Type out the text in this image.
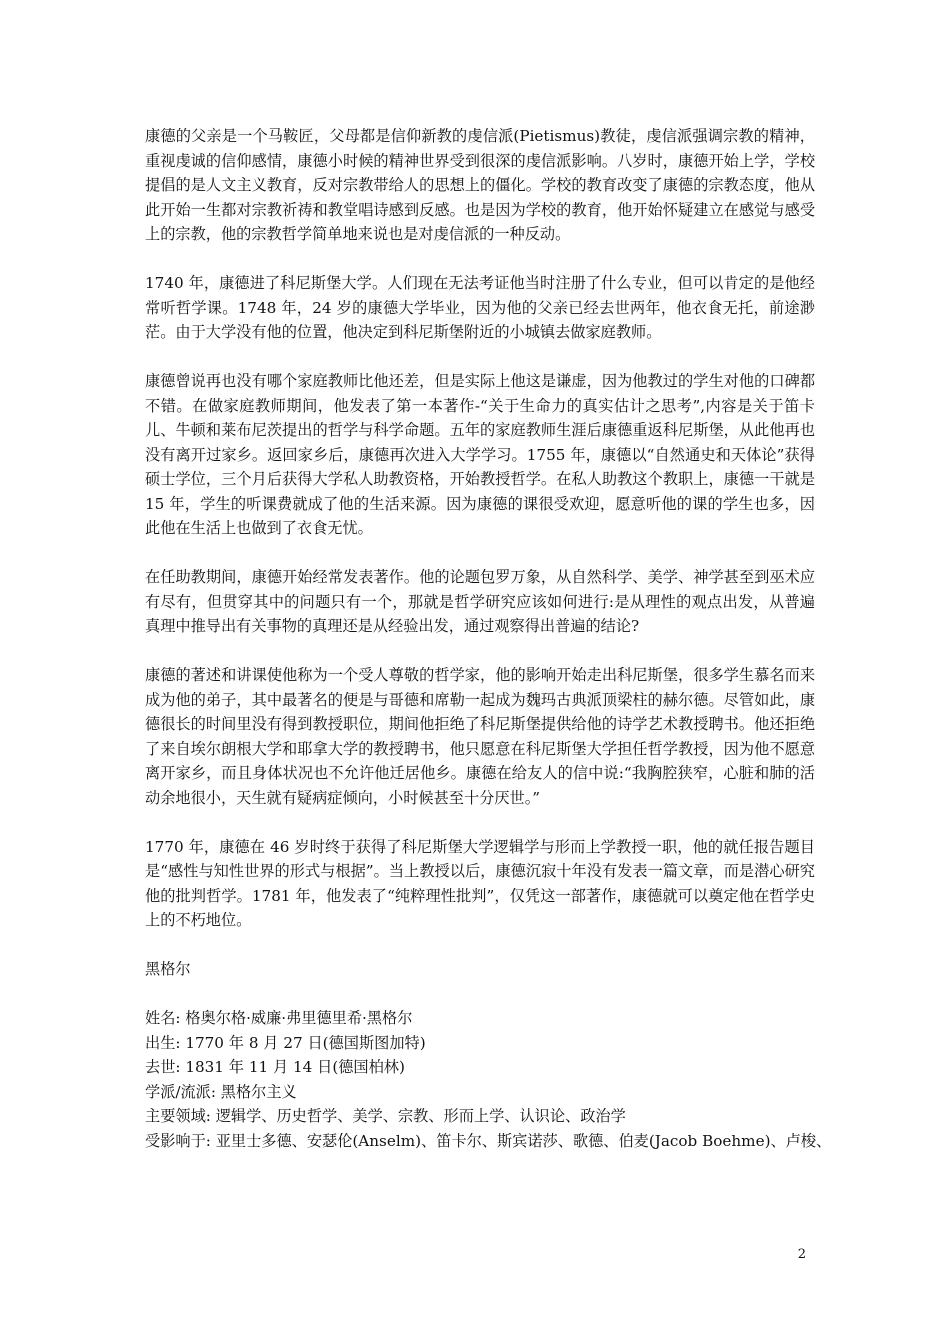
康德的父亲是一个马鞍匠，父母都是信仰新教的虔信派(Pietismus)教徒，虔信派强调宗教的精神，重视虔诚的信仰感情，康德小时候的精神世界受到很深的虔信派影响。八岁时，康德开始上学，学校提倡的是人文主义教育，反对宗教带给人的思想上的僵化。学校的教育改变了康德的宗教态度，他从此开始一生都对宗教祈祷和教堂唱诗感到反感。也是因为学校的教育，他开始怀疑建立在感觉与感受上的宗教，他的宗教哲学简单地来说也是对虔信派的一种反动。

1740 年，康德进了科尼斯堡大学。人们现在无法考证他当时注册了什么专业，但可以肯定的是他经常听哲学课。1748 年，24 岁的康德大学毕业，因为他的父亲已经去世两年，他衣食无托，前途渺茫。由于大学没有他的位置，他决定到科尼斯堡附近的小城镇去做家庭教师。

康德曾说再也没有哪个家庭教师比他还差，但是实际上他这是谦虚，因为他教过的学生对他的口碑都不错。在做家庭教师期间，他发表了第一本著作-“关于生命力的真实估计之思考”,内容是关于笛卡儿、牛顿和莱布尼茨提出的哲学与科学命题。五年的家庭教师生涯后康德重返科尼斯堡，从此他再也没有离开过家乡。返回家乡后，康德再次进入大学学习。1755 年，康德以“自然通史和天体论”获得硕士学位，三个月后获得大学私人助教资格，开始教授哲学。在私人助教这个教职上，康德一干就是 15 年，学生的听课费就成了他的生活来源。因为康德的课很受欢迎，愿意听他的课的学生也多，因此他在生活上也做到了衣食无忧。

在任助教期间，康德开始经常发表著作。他的论题包罗万象，从自然科学、美学、神学甚至到巫术应有尽有，但贯穿其中的问题只有一个，那就是哲学研究应该如何进行:是从理性的观点出发，从普遍真理中推导出有关事物的真理还是从经验出发，通过观察得出普遍的结论?

康德的著述和讲课使他称为一个受人尊敬的哲学家，他的影响开始走出科尼斯堡，很多学生慕名而来成为他的弟子，其中最著名的便是与哥德和席勒一起成为魏玛古典派顶梁柱的赫尔德。尽管如此，康德很长的时间里没有得到教授职位，期间他拒绝了科尼斯堡提供给他的诗学艺术教授聘书。他还拒绝了来自埃尔朗根大学和耶拿大学的教授聘书，他只愿意在科尼斯堡大学担任哲学教授，因为他不愿意离开家乡，而且身体状况也不允许他迁居他乡。康德在给友人的信中说:“我胸腔狭窄，心脏和肺的活动余地很小，天生就有疑病症倾向，小时候甚至十分厌世。”

1770 年，康德在 46 岁时终于获得了科尼斯堡大学逻辑学与形而上学教授一职，他的就任报告题目是“感性与知性世界的形式与根据”。当上教授以后，康德沉寂十年没有发表一篇文章，而是潜心研究他的批判哲学。1781 年，他发表了“纯粹理性批判”，仅凭这一部著作，康德就可以奠定他在哲学史上的不朽地位。

黑格尔

姓名: 格奥尔格·威廉·弗里德里希·黑格尔
出生: 1770 年 8 月 27 日(德国斯图加特)
去世: 1831 年 11 月 14 日(德国柏林)
学派/流派: 黑格尔主义
主要领域: 逻辑学、历史哲学、美学、宗教、形而上学、认识论、政治学
受影响于: 亚里士多德、安瑟伦(Anselm)、笛卡尔、斯宾诺莎、歌德、伯麦(Jacob Boehme)、卢梭、
2
